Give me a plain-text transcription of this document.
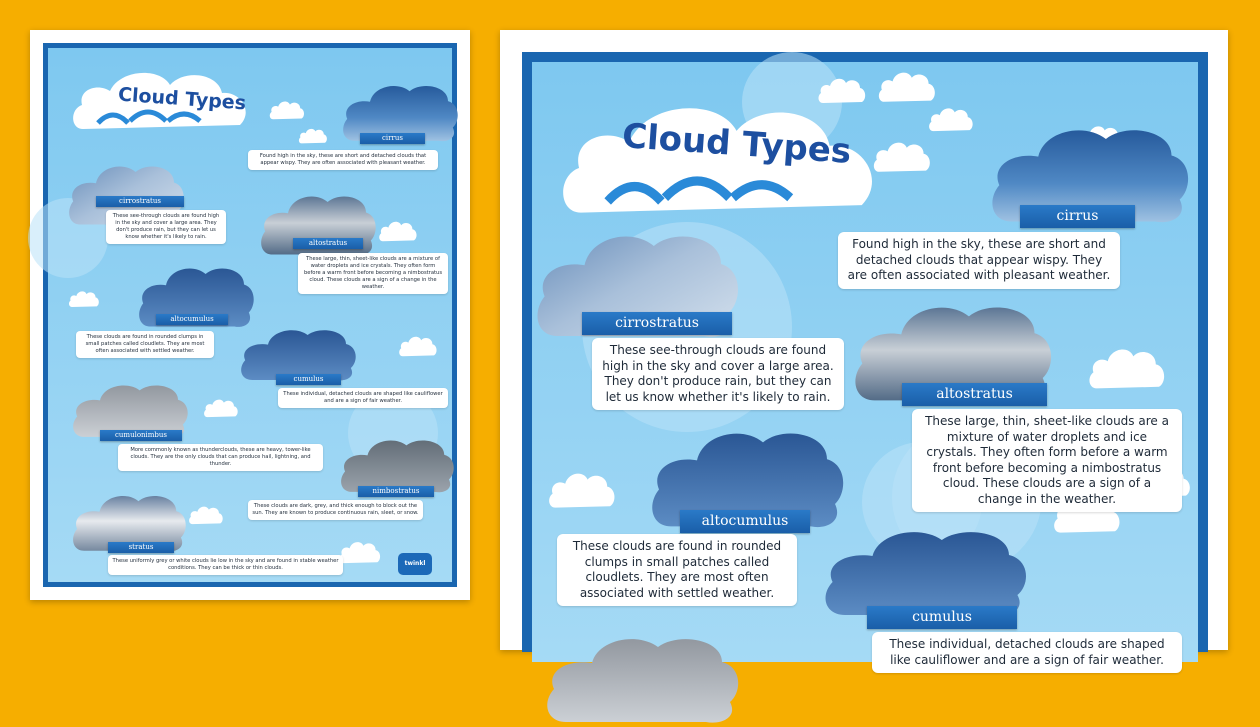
Cloud Types
cirrus
Found high in the sky, these are short and detached clouds that appear wispy. They are often associated with pleasant weather.
cirrostratus
These see-through clouds are found high in the sky and cover a large area. They don't produce rain, but they can let us know whether it's likely to rain.
altostratus
These large, thin, sheet-like clouds are a mixture of water droplets and ice crystals. They often form before a warm front before becoming a nimbostratus cloud. These clouds are a sign of a change in the weather.
altocumulus
These clouds are found in rounded clumps in small patches called cloudlets. They are most often associated with settled weather.
cumulus
These individual, detached clouds are shaped like cauliflower and are a sign of fair weather.
cumulonimbus
More commonly known as thunderclouds, these are heavy, tower-like clouds. They are the only clouds that can produce hail, lightning, and thunder.
nimbostratus
These clouds are dark, grey, and thick enough to block out the sun. They are known to produce continuous rain, sleet, or snow.
stratus
These uniformly grey or white clouds lie low in the sky and are found in stable weather conditions. They can be thick or thin clouds.
twinkl
Cloud Types
cirrus
Found high in the sky, these are short and detached clouds that appear wispy. They are often associated with pleasant weather.
cirrostratus
These see-through clouds are found high in the sky and cover a large area. They don't produce rain, but they can let us know whether it's likely to rain.	altostratus
These large, thin, sheet-like clouds are a mixture of water droplets and ice crystals. They often form before a warm front before becoming a nimbostratus cloud. These clouds are a sign of a change in the weather.
altocumulus
These clouds are found in rounded clumps in small patches called cloudlets. They are most often associated with settled weather.
cumulus
These individual, detached clouds are shaped like cauliflower and are a sign of fair weather.
